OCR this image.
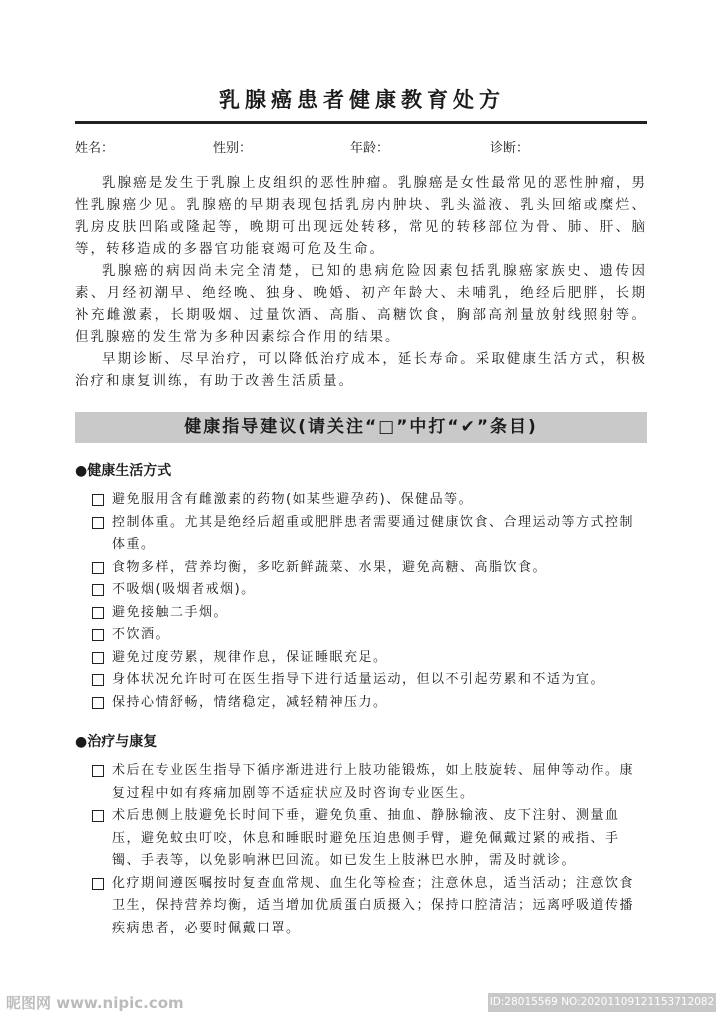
乳腺癌患者健康教育处方
姓名：	性别：	年龄：	诊断：

乳腺癌是发生于乳腺上皮组织的恶性肿瘤。乳腺癌是女性最常见的恶性肿瘤，男性乳腺癌少见。乳腺癌的早期表现包括乳房内肿块、乳头溢液、乳头回缩或糜烂、乳房皮肤凹陷或隆起等，晚期可出现远处转移，常见的转移部位为骨、肺、肝、脑等，转移造成的多器官功能衰竭可危及生命。

乳腺癌的病因尚未完全清楚，已知的患病危险因素包括乳腺癌家族史、遗传因素、月经初潮早、绝经晚、独身、晚婚、初产年龄大、未哺乳，绝经后肥胖，长期补充雌激素，长期吸烟、过量饮酒、高脂、高糖饮食，胸部高剂量放射线照射等。但乳腺癌的发生常为多种因素综合作用的结果。

早期诊断、尽早治疗，可以降低治疗成本，延长寿命。采取健康生活方式，积极治疗和康复训练，有助于改善生活质量。

健康指导建议(请关注“□”中打“✔”条目)
●健康生活方式
避免服用含有雌激素的药物(如某些避孕药)、保健品等。
控制体重。尤其是绝经后超重或肥胖患者需要通过健康饮食、合理运动等方式控制体重。
食物多样，营养均衡，多吃新鲜蔬菜、水果，避免高糖、高脂饮食。
不吸烟(吸烟者戒烟)。
避免接触二手烟。
不饮酒。
避免过度劳累，规律作息，保证睡眠充足。
身体状况允许时可在医生指导下进行适量运动，但以不引起劳累和不适为宜。
保持心情舒畅，情绪稳定，减轻精神压力。
●治疗与康复
术后在专业医生指导下循序渐进进行上肢功能锻炼，如上肢旋转、屈伸等动作。康复过程中如有疼痛加剧等不适症状应及时咨询专业医生。
术后患侧上肢避免长时间下垂，避免负重、抽血、静脉输液、皮下注射、测量血压，避免蚊虫叮咬，休息和睡眠时避免压迫患侧手臂，避免佩戴过紧的戒指、手镯、手表等，以免影响淋巴回流。如已发生上肢淋巴水肿，需及时就诊。
化疗期间遵医嘱按时复查血常规、血生化等检查；注意休息，适当活动；注意饮食卫生，保持营养均衡，适当增加优质蛋白质摄入；保持口腔清洁；远离呼吸道传播疾病患者，必要时佩戴口罩。
昵图网 www.nipic.com	ID:28015569 NO:20201109121153712082
